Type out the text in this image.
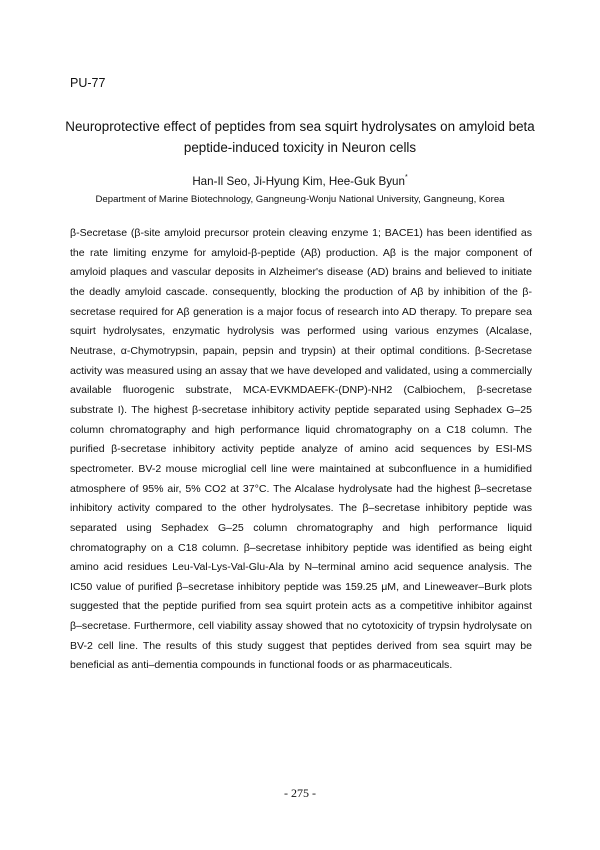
PU-77
Neuroprotective effect of peptides from sea squirt hydrolysates on amyloid beta
peptide-induced toxicity in Neuron cells
Han-Il Seo, Ji-Hyung Kim, Hee-Guk Byun*
Department of Marine Biotechnology, Gangneung-Wonju National University, Gangneung, Korea

β-Secretase (β-site amyloid precursor protein cleaving enzyme 1; BACE1) has been identified as the rate limiting enzyme for amyloid-β-peptide (Aβ) production. Aβ is the major component of amyloid plaques and vascular deposits in Alzheimer's disease (AD) brains and believed to initiate the deadly amyloid cascade. consequently, blocking the production of Aβ by inhibition of the β-secretase required for Aβ generation is a major focus of research into AD therapy. To prepare sea squirt hydrolysates, enzymatic hydrolysis was performed using various enzymes (Alcalase, Neutrase, α-Chymotrypsin, papain, pepsin and trypsin) at their optimal conditions. β-Secretase activity was measured using an assay that we have developed and validated, using a commercially available fluorogenic substrate, MCA-EVKMDAEFK-(DNP)-NH2 (Calbiochem, β-secretase substrate I). The highest β-secretase inhibitory activity peptide separated using Sephadex G–25 column chromatography and high performance liquid chromatography on a C18 column. The purified β-secretase inhibitory activity peptide analyze of amino acid sequences by ESI-MS spectrometer. BV-2 mouse microglial cell line were maintained at subconfluence in a humidified atmosphere of 95% air, 5% CO2 at 37°C. The Alcalase hydrolysate had the highest β–secretase inhibitory activity compared to the other hydrolysates. The β–secretase inhibitory peptide was separated using Sephadex G–25 column chromatography and high performance liquid chromatography on a C18 column. β–secretase inhibitory peptide was identified as being eight amino acid residues Leu-Val-Lys-Val-Glu-Ala by N–terminal amino acid sequence analysis. The IC50 value of purified β–secretase inhibitory peptide was 159.25 μM, and Lineweaver–Burk plots suggested that the peptide purified from sea squirt protein acts as a competitive inhibitor against β–secretase. Furthermore, cell viability assay showed that no cytotoxicity of trypsin hydrolysate on BV-2 cell line. The results of this study suggest that peptides derived from sea squirt may be beneficial as anti–dementia compounds in functional foods or as pharmaceuticals.

- 275 -
